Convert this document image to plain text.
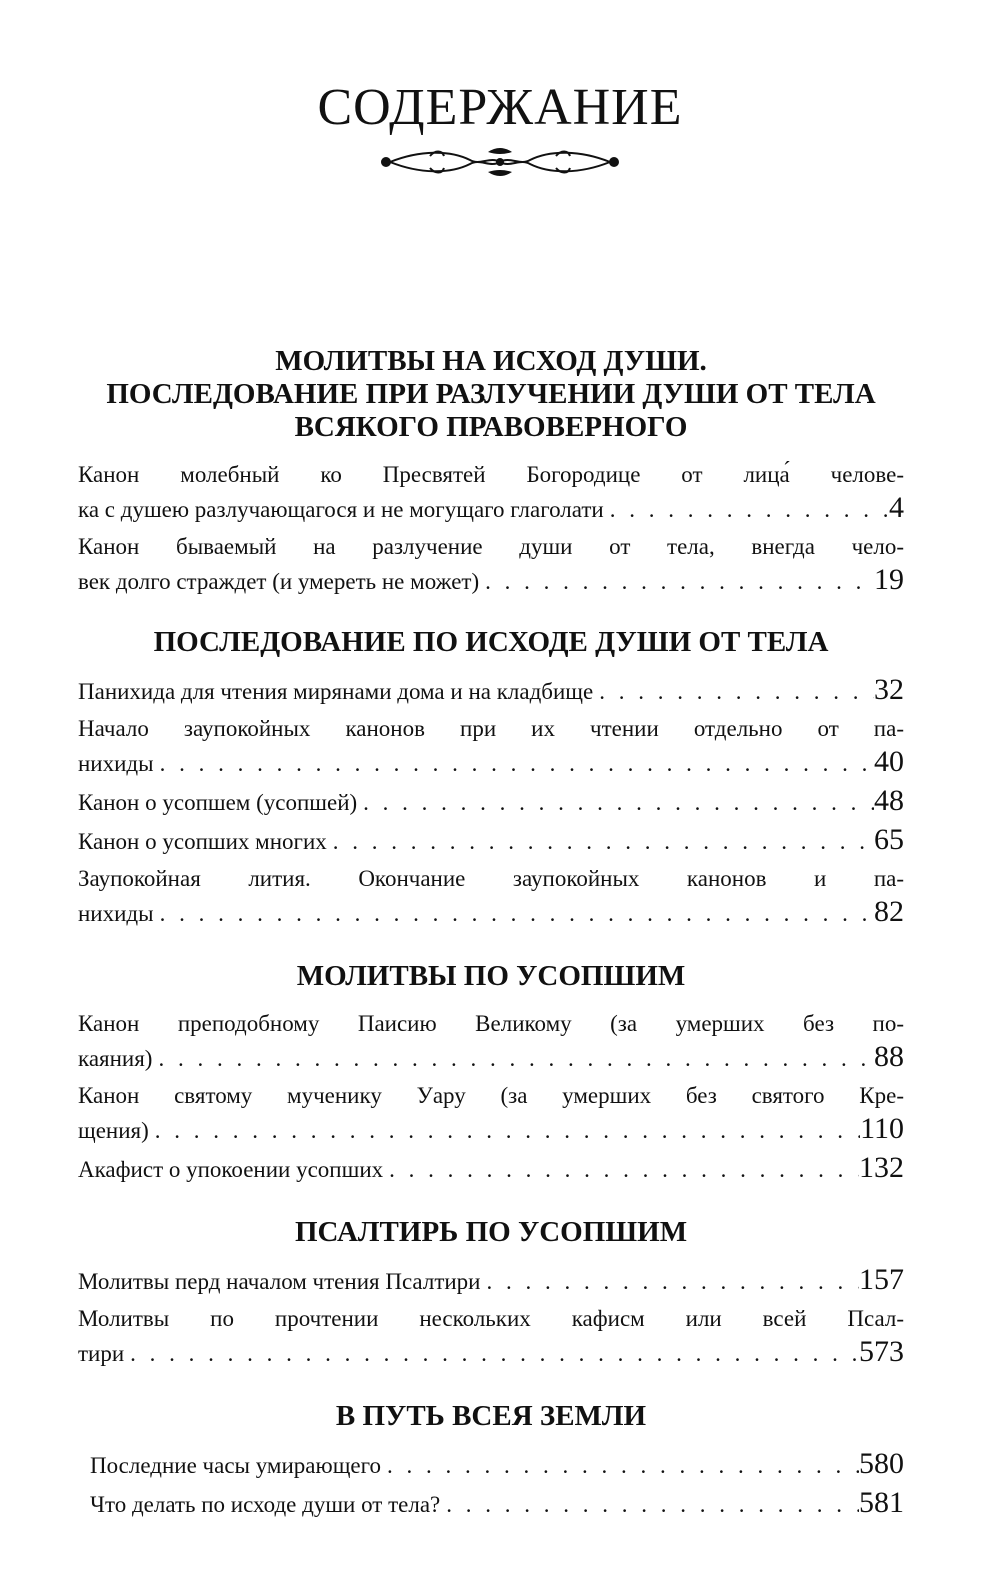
СОДЕРЖАНИЕ
МОЛИТВЫ НА ИСХОД ДУШИ.
ПОСЛЕДОВАНИЕ ПРИ РАЗЛУЧЕНИИ ДУШИ ОТ ТЕЛА
ВСЯКОГО ПРАВОВЕРНОГО
Канон молебный ко Пресвятей Богородице от лица́ челове-
ка с душею разлучающагося и не могущаго глаголати . . .	4
Канон бываемый на разлучение души от тела, внегда чело-
век долго страждет (и умереть не может) . . .	19
ПОСЛЕДОВАНИЕ ПО ИСХОДЕ ДУШИ ОТ ТЕЛА
Панихида для чтения мирянами дома и на кладбище . . .	32
Начало заупокойных канонов при их чтении отдельно от па-
нихиды . . .	40
Канон о усопшем (усопшей) . . .	48
Канон о усопших многих . . .	65
Заупокойная лития. Окончание заупокойных канонов и па-
нихиды . . .	82
МОЛИТВЫ ПО УСОПШИМ
Канон преподобному Паисию Великому (за умерших без по-
каяния) . . .	88
Канон святому мученику Уару (за умерших без святого Кре-
щения) . . .	110
Акафист о упокоении усопших . . .	132
ПСАЛТИРЬ ПО УСОПШИМ
Молитвы перд началом чтения Псалтири . . .	157
Молитвы по прочтении нескольких кафисм или всей Псал-
тири . . .	573
В ПУТЬ ВСЕЯ ЗЕМЛИ
Последние часы умирающего . . .	580
Что делать по исходе души от тела? . . .	581
